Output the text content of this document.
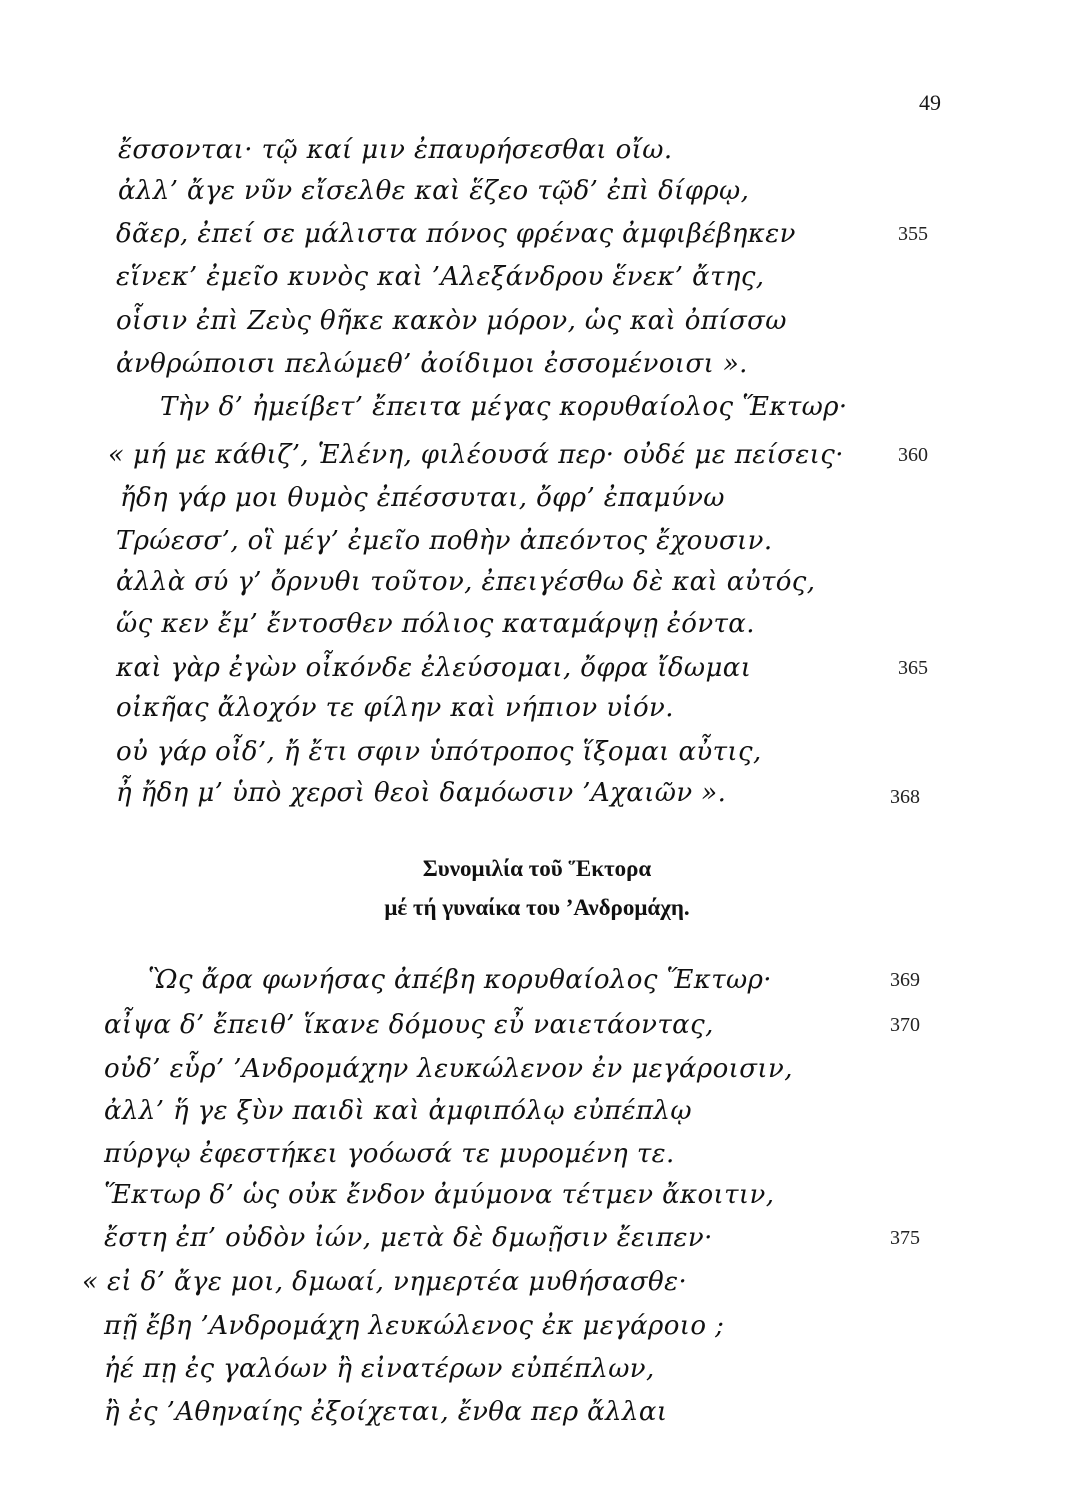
49
ἔσσονται· τῷ καί μιν ἐπαυρήσεσθαι οἴω.
ἀλλ’ ἄγε νῦν εἴσελθε καὶ ἕζεο τῷδ’ ἐπὶ δίφρῳ,
δᾶερ, ἐπεί σε μάλιστα πόνος φρένας ἀμφιβέβηκεν	355
εἵνεκ’ ἐμεῖο κυνὸς καὶ ’Αλεξάνδρου ἕνεκ’ ἄτης,
οἷσιν ἐπὶ Ζεὺς θῆκε κακὸν μόρον, ὡς καὶ ὀπίσσω
ἀνθρώποισι πελώμεθ’ ἀοίδιμοι ἐσσομένοισι ».
Τὴν δ’ ἠμείβετ’ ἔπειτα μέγας κορυθαίολος Ἕκτωρ·
« μή με κάθιζ’, Ἑλένη, φιλέουσά περ· οὐδέ με πείσεις·	360
ἤδη γάρ μοι θυμὸς ἐπέσσυται, ὄφρ’ ἐπαμύνω
Τρώεσσ’, οἳ μέγ’ ἐμεῖο ποθὴν ἀπεόντος ἔχουσιν.
ἀλλὰ σύ γ’ ὄρνυθι τοῦτον, ἐπειγέσθω δὲ καὶ αὐτός,
ὥς κεν ἔμ’ ἔντοσθεν πόλιος καταμάρψῃ ἐόντα.
καὶ γὰρ ἐγὼν οἶκόνδε ἐλεύσομαι, ὄφρα ἴδωμαι	365
οἰκῆας ἄλοχόν τε φίλην καὶ νήπιον υἱόν.
οὐ γάρ οἶδ’, ἤ ἔτι σφιν ὑπότροπος ἵξομαι αὖτις,
ἦ ἤδη μ’ ὑπὸ χερσὶ θεοὶ δαμόωσιν ’Αχαιῶν ».	368
Συνομιλία τοῦ Ἕκτορα
μέ τή γυναίκα του ’Ανδρομάχη.
Ὣς ἄρα φωνήσας ἀπέβη κορυθαίολος Ἕκτωρ·	369
αἶψα δ’ ἔπειθ’ ἵκανε δόμους εὖ ναιετάοντας,	370
οὐδ’ εὗρ’ ’Ανδρομάχην λευκώλενον ἐν μεγάροισιν,
ἀλλ’ ἥ γε ξὺν παιδὶ καὶ ἀμφιπόλῳ εὐπέπλῳ
πύργῳ ἐφεστήκει γοόωσά τε μυρομένη τε.
Ἕκτωρ δ’ ὡς οὐκ ἔνδον ἀμύμονα τέτμεν ἄκοιτιν,
ἔστη ἐπ’ οὐδὸν ἰών, μετὰ δὲ δμωῇσιν ἔειπεν·	375
« εἰ δ’ ἄγε μοι, δμωαί, νημερτέα μυθήσασθε·
πῇ ἔβη ’Ανδρομάχη λευκώλενος ἐκ μεγάροιο ;
ἠέ πῃ ἐς γαλόων ἢ εἰνατέρων εὐπέπλων,
ἢ ἐς ’Αθηναίης ἐξοίχεται, ἔνθα περ ἄλλαι
